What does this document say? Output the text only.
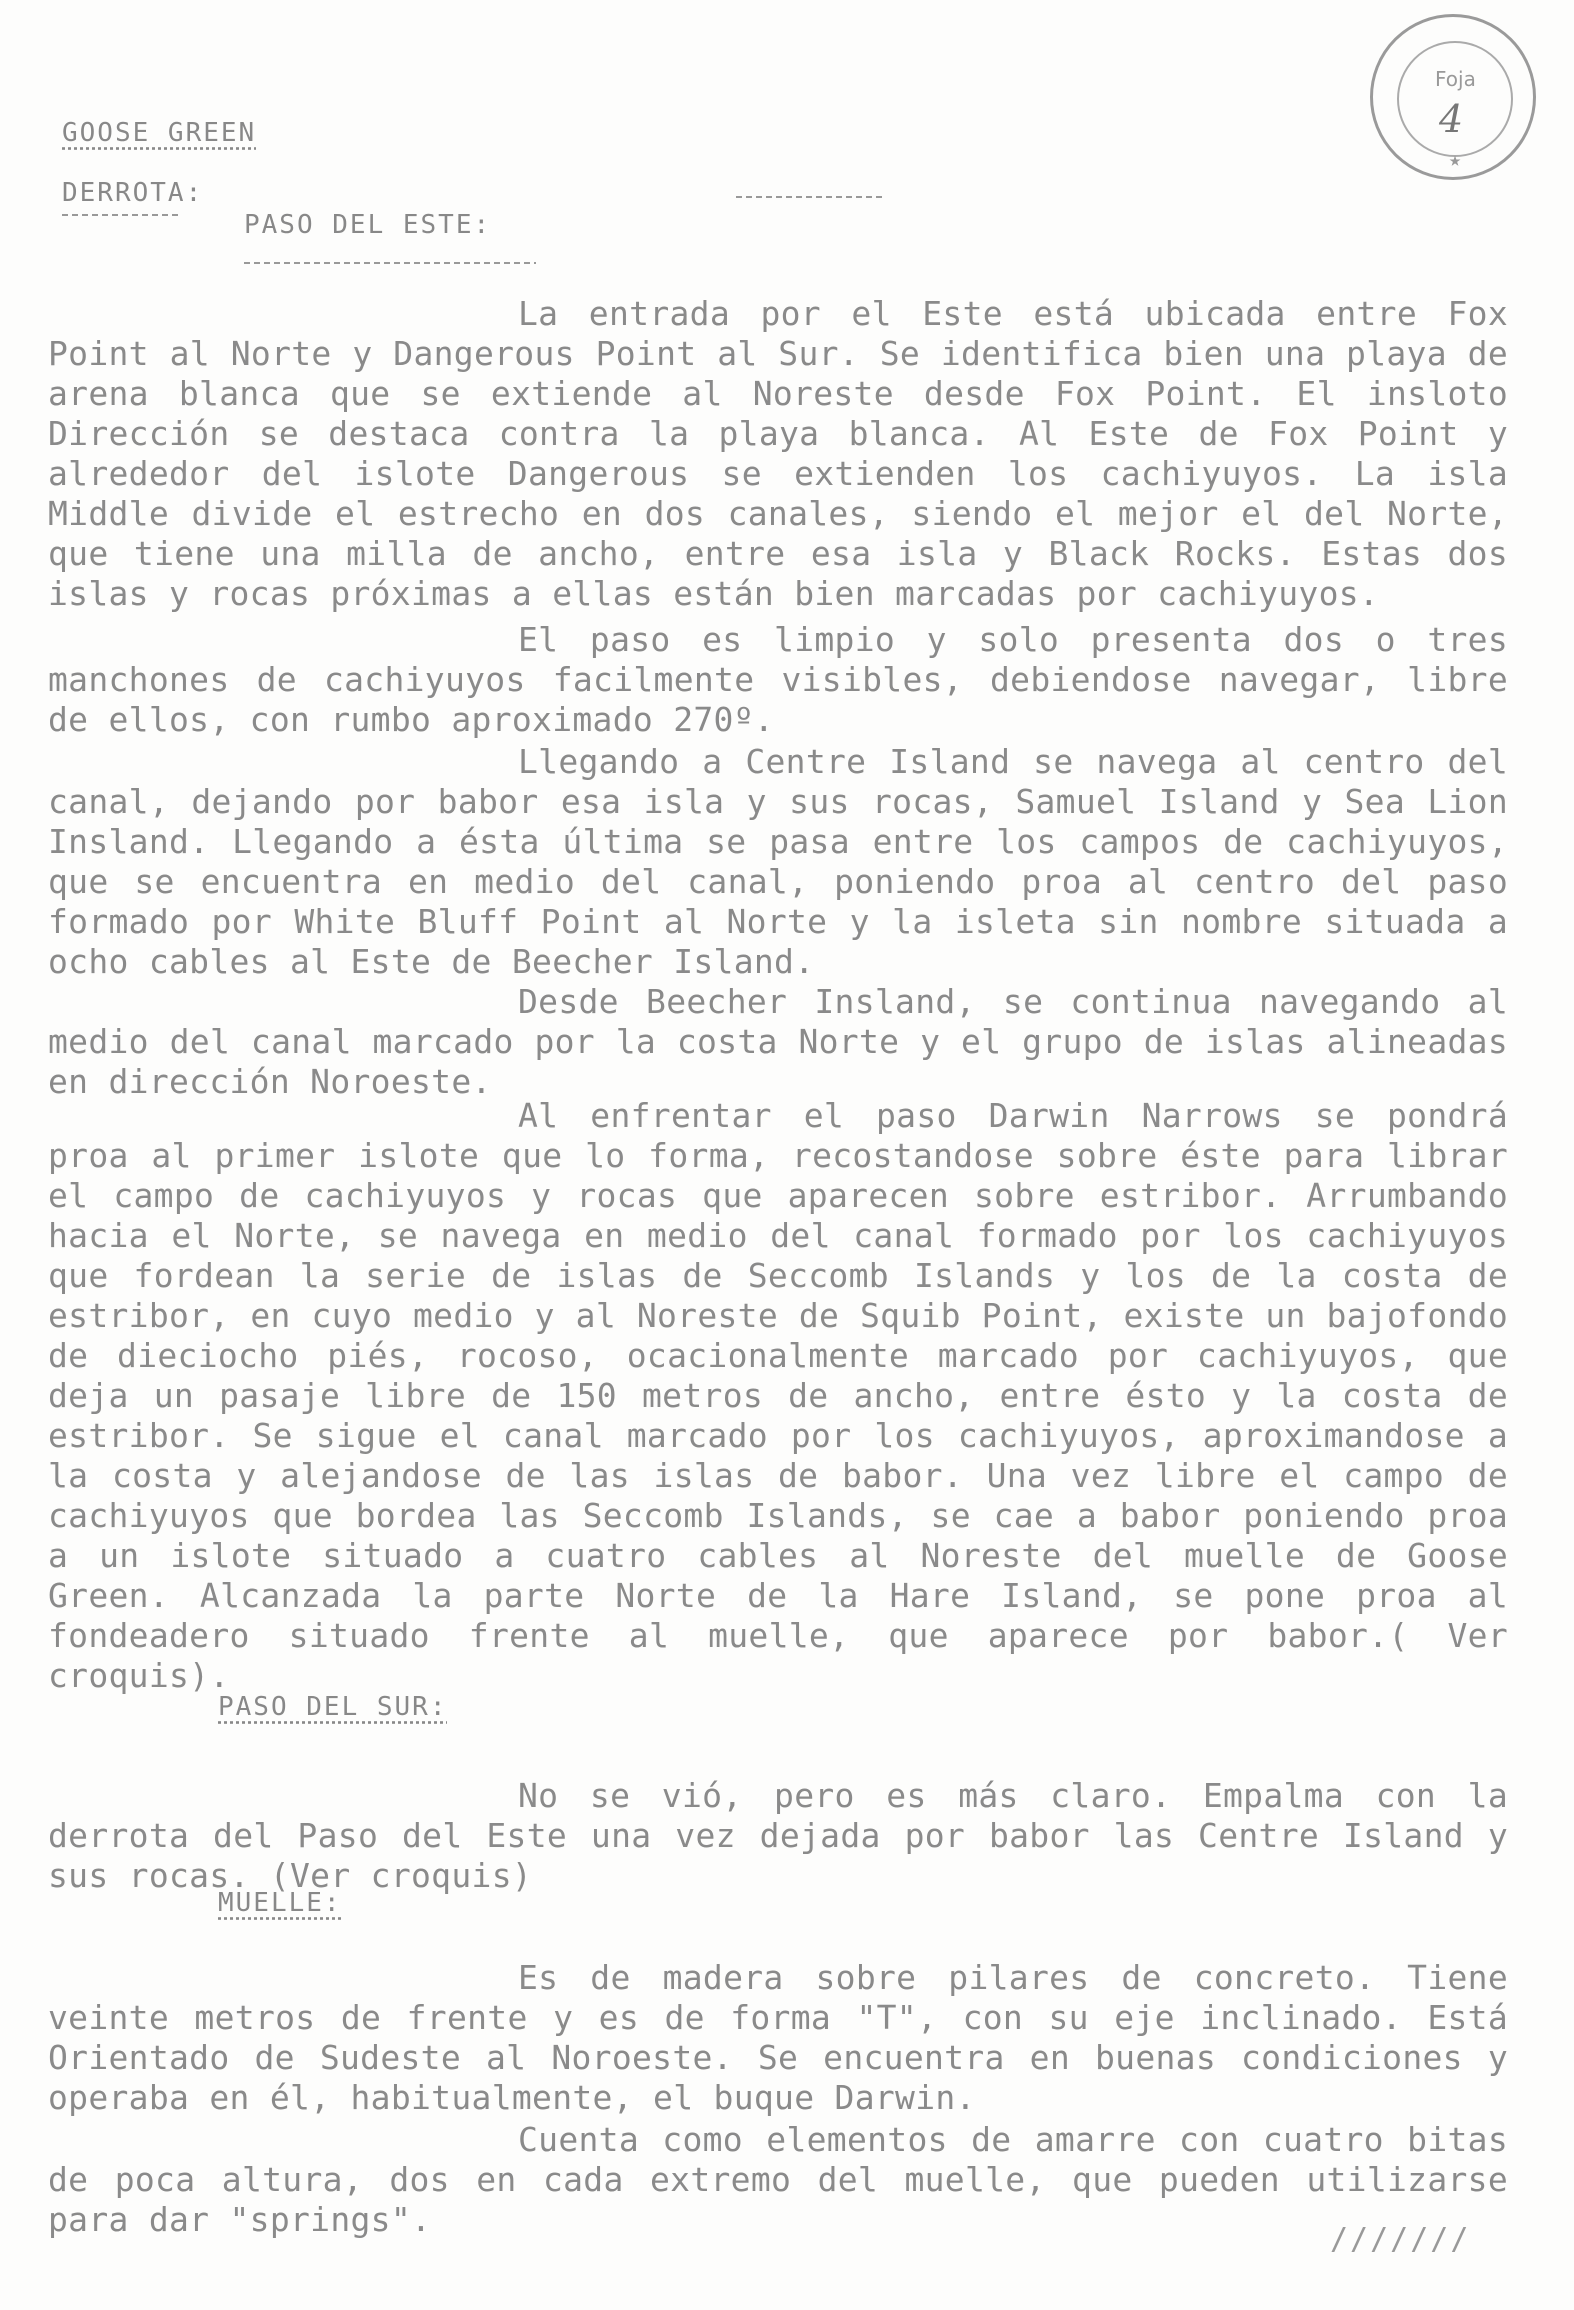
Foja
4
★
GOOSE GREEN
DERROTA:
PASO DEL ESTE:
La entrada por el Este está ubicada entre Fox Point al Norte y Dangerous Point al Sur. Se identifica bien una playa de arena blanca que se extiende al Noreste desde Fox Point. El insloto Dirección se destaca contra la playa blanca. Al Este de Fox Point y alrededor del islote Dangerous se extienden los cachiyuyos. La isla Middle divide el estrecho en dos canales, siendo el mejor el del Norte, que tiene una milla de ancho, entre esa isla y Black Rocks. Estas dos islas y rocas próximas a ellas están bien marcadas por cachiyuyos.
El paso es limpio y solo presenta dos o tres manchones de cachiyuyos facilmente visibles, debiendose navegar, libre de ellos, con rumbo aproximado 270º.
Llegando a Centre Island se navega al centro del canal, dejando por babor esa isla y sus rocas, Samuel Island y Sea Lion Insland. Llegando a ésta última se pasa entre los campos de cachiyuyos, que se encuentra en medio del canal, poniendo proa al centro del paso formado por White Bluff Point al Norte y la isleta sin nombre situada a ocho cables al Este de Beecher Island.
Desde Beecher Insland, se continua navegando al medio del canal marcado por la costa Norte y el grupo de islas alineadas en dirección Noroeste.
Al enfrentar el paso Darwin Narrows se pondrá proa al primer islote que lo forma, recostandose sobre éste para librar el campo de cachiyuyos y rocas que aparecen sobre estribor. Arrumbando hacia el Norte, se navega en medio del canal formado por los cachiyuyos que fordean la serie de islas de Seccomb Islands y los de la costa de estribor, en cuyo medio y al Noreste de Squib Point, existe un bajofondo de dieciocho piés, rocoso, ocacionalmente marcado por cachiyuyos, que deja un pasaje libre de 150 metros de ancho, entre ésto y la costa de estribor. Se sigue el canal marcado por los cachiyuyos, aproximandose a la costa y alejandose de las islas de babor. Una vez libre el campo de cachiyuyos que bordea las Seccomb Islands, se cae a babor poniendo proa a un islote situado a cuatro cables al Noreste del muelle de Goose Green. Alcanzada la parte Norte de la Hare Island, se pone proa al fondeadero situado frente al muelle, que aparece por babor.( Ver croquis).
PASO DEL SUR:
No se vió, pero es más claro. Empalma con la derrota del Paso del Este una vez dejada por babor las Centre Island y sus rocas. (Ver croquis)
MUELLE:
Es de madera sobre pilares de concreto. Tiene veinte metros de frente y es de forma "T", con su eje inclinado. Está Orientado de Sudeste al Noroeste. Se encuentra en buenas condiciones y operaba en él, habitualmente, el buque Darwin.
Cuenta como elementos de amarre con cuatro bitas de poca altura, dos en cada extremo del muelle, que pueden utilizarse para dar "springs".
///////
